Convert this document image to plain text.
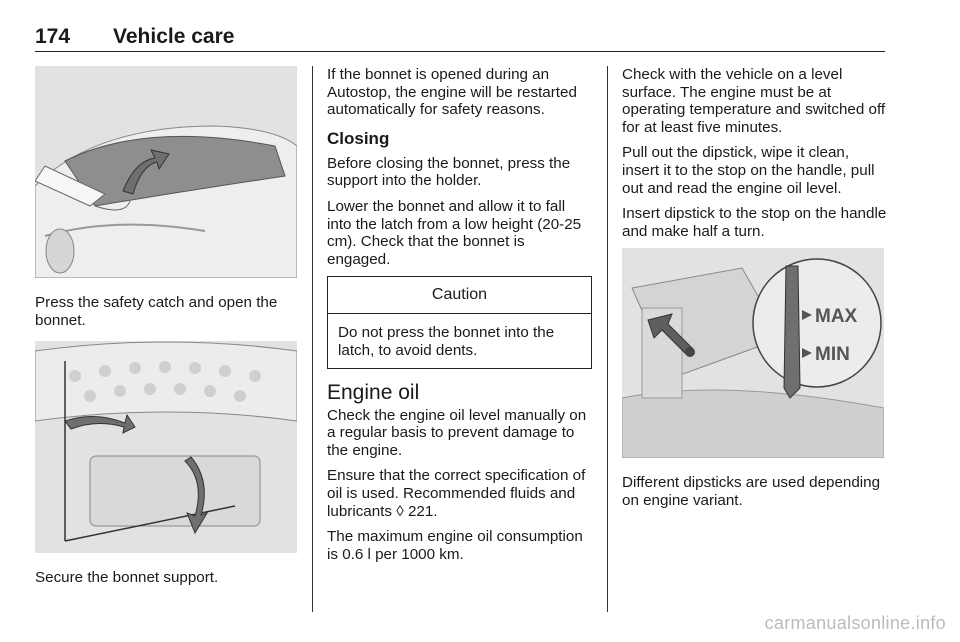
174 Vehicle care

Press the safety catch and open the bonnet.

Secure the bonnet support.

If the bonnet is opened during an Autostop, the engine will be restarted automatically for safety reasons.

Closing

Before closing the bonnet, press the support into the holder.

Lower the bonnet and allow it to fall into the latch from a low height (20-25 cm). Check that the bonnet is engaged.

Caution

Do not press the bonnet into the latch, to avoid dents.

Engine oil

Check the engine oil level manually on a regular basis to prevent damage to the engine.

Ensure that the correct specification of oil is used. Recommended fluids and lubricants ◊ 221.

The maximum engine oil consumption is 0.6 l per 1000 km.

Check with the vehicle on a level surface. The engine must be at operating temperature and switched off for at least five minutes.

Pull out the dipstick, wipe it clean, insert it to the stop on the handle, pull out and read the engine oil level.

Insert dipstick to the stop on the handle and make half a turn.

MAX
MIN

Different dipsticks are used depending on engine variant.

carmanualsonline.info
